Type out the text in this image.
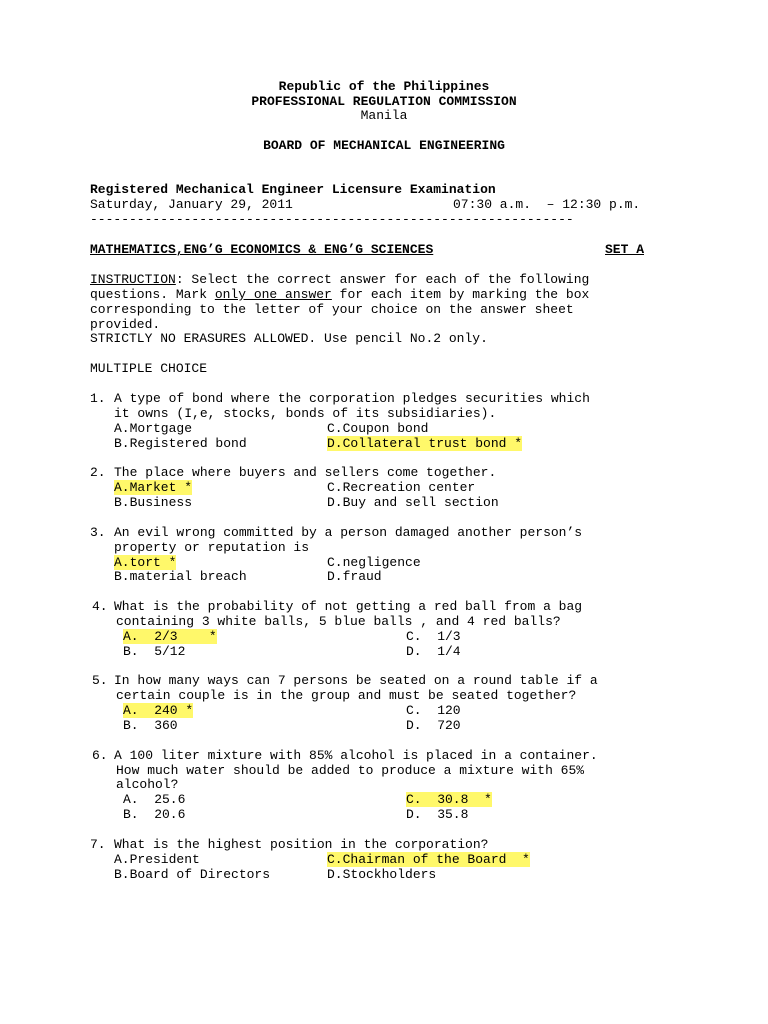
Republic of the Philippines
PROFESSIONAL REGULATION COMMISSION
Manila
BOARD OF MECHANICAL ENGINEERING
Registered Mechanical Engineer Licensure Examination
Saturday, January 29, 2011	07:30 a.m.  – 12:30 p.m.
--------------------------------------------------------------
MATHEMATICS,ENG’G ECONOMICS & ENG’G SCIENCES	SET A
INSTRUCTION: Select the correct answer for each of the following
questions. Mark only one answer for each item by marking the box
corresponding to the letter of your choice on the answer sheet
provided.
STRICTLY NO ERASURES ALLOWED. Use pencil No.2 only.
MULTIPLE CHOICE
1. A type of bond where the corporation pledges securities which
it owns (I,e, stocks, bonds of its subsidiaries).
A.Mortgage	C.Coupon bond
B.Registered bond	D.Collateral trust bond *
2. The place where buyers and sellers come together.
A.Market *	C.Recreation center
B.Business	D.Buy and sell section
3. An evil wrong committed by a person damaged another person’s
property or reputation is
A.tort *	C.negligence
B.material breach	D.fraud
4. What is the probability of not getting a red ball from a bag
containing 3 white balls, 5 blue balls , and 4 red balls?
A.  2/3    *	C.  1/3
B.  5/12	D.  1/4
5. In how many ways can 7 persons be seated on a round table if a
certain couple is in the group and must be seated together?
A.  240 *	C.  120
B.  360	D.  720
6. A 100 liter mixture with 85% alcohol is placed in a container.
How much water should be added to produce a mixture with 65%
alcohol?
A.  25.6	C.  30.8  *
B.  20.6	D.  35.8
7. What is the highest position in the corporation?
A.President	C.Chairman of the Board  *
B.Board of Directors	D.Stockholders
